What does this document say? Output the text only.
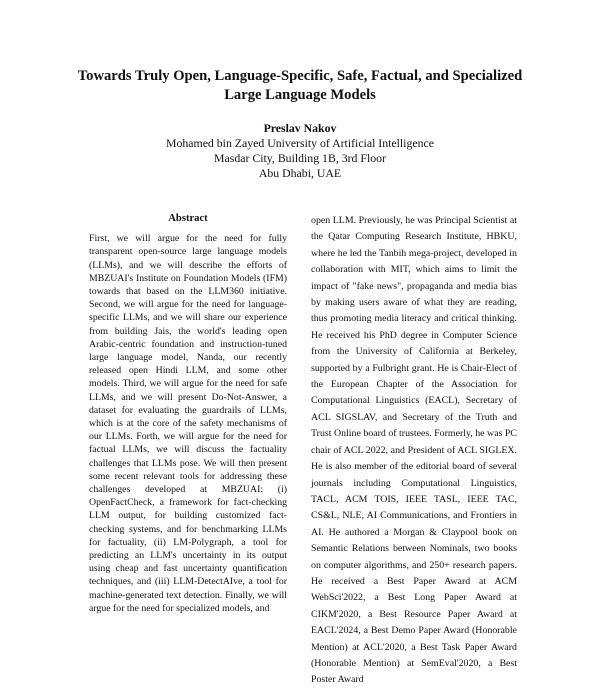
Towards Truly Open, Language-Specific, Safe, Factual, and Specialized
Large Language Models
Preslav Nakov
Mohamed bin Zayed University of Artificial Intelligence
Masdar City, Building 1B, 3rd Floor
Abu Dhabi, UAE
Abstract

First, we will argue for the need for fully transparent open-source large language models (LLMs), and we will describe the efforts of MBZUAI's Institute on Foundation Models (IFM) towards that based on the LLM360 initiative. Second, we will argue for the need for language-specific LLMs, and we will share our experience from building Jais, the world's leading open Arabic-centric foundation and instruction-tuned large language model, Nanda, our recently released open Hindi LLM, and some other models. Third, we will argue for the need for safe LLMs, and we will present Do-Not-Answer, a dataset for evaluating the guardrails of LLMs, which is at the core of the safety mechanisms of our LLMs. Forth, we will argue for the need for factual LLMs, we will discuss the factuality challenges that LLMs pose. We will then present some recent relevant tools for addressing these challenges developed at MBZUAI: (i) OpenFactCheck, a framework for fact-checking LLM output, for building customized fact-checking systems, and for benchmarking LLMs for factuality, (ii) LM-Polygraph, a tool for predicting an LLM's uncertainty in its output using cheap and fast uncertainty quantification techniques, and (iii) LLM-DetectAIve, a tool for machine-generated text detection. Finally, we will argue for the need for specialized models, and

open LLM. Previously, he was Principal Scientist at the Qatar Computing Research Institute, HBKU, where he led the Tanbih mega-project, developed in collaboration with MIT, which aims to limit the impact of "fake news", propaganda and media bias by making users aware of what they are reading, thus promoting media literacy and critical thinking. He received his PhD degree in Computer Science from the University of California at Berkeley, supported by a Fulbright grant. He is Chair-Elect of the European Chapter of the Association for Computational Linguistics (EACL), Secretary of ACL SIGSLAV, and Secretary of the Truth and Trust Online board of trustees. Formerly, he was PC chair of ACL 2022, and President of ACL SIGLEX. He is also member of the editorial board of several journals including Computational Linguistics, TACL, ACM TOIS, IEEE TASL, IEEE TAC, CS&L, NLE, AI Communications, and Frontiers in AI. He authored a Morgan & Claypool book on Semantic Relations between Nominals, two books on computer algorithms, and 250+ research papers. He received a Best Paper Award at ACM WebSci'2022, a Best Long Paper Award at CIKM'2020, a Best Resource Paper Award at EACL'2024, a Best Demo Paper Award (Honorable Mention) at ACL'2020, a Best Task Paper Award (Honorable Mention) at SemEval'2020, a Best Poster Award
